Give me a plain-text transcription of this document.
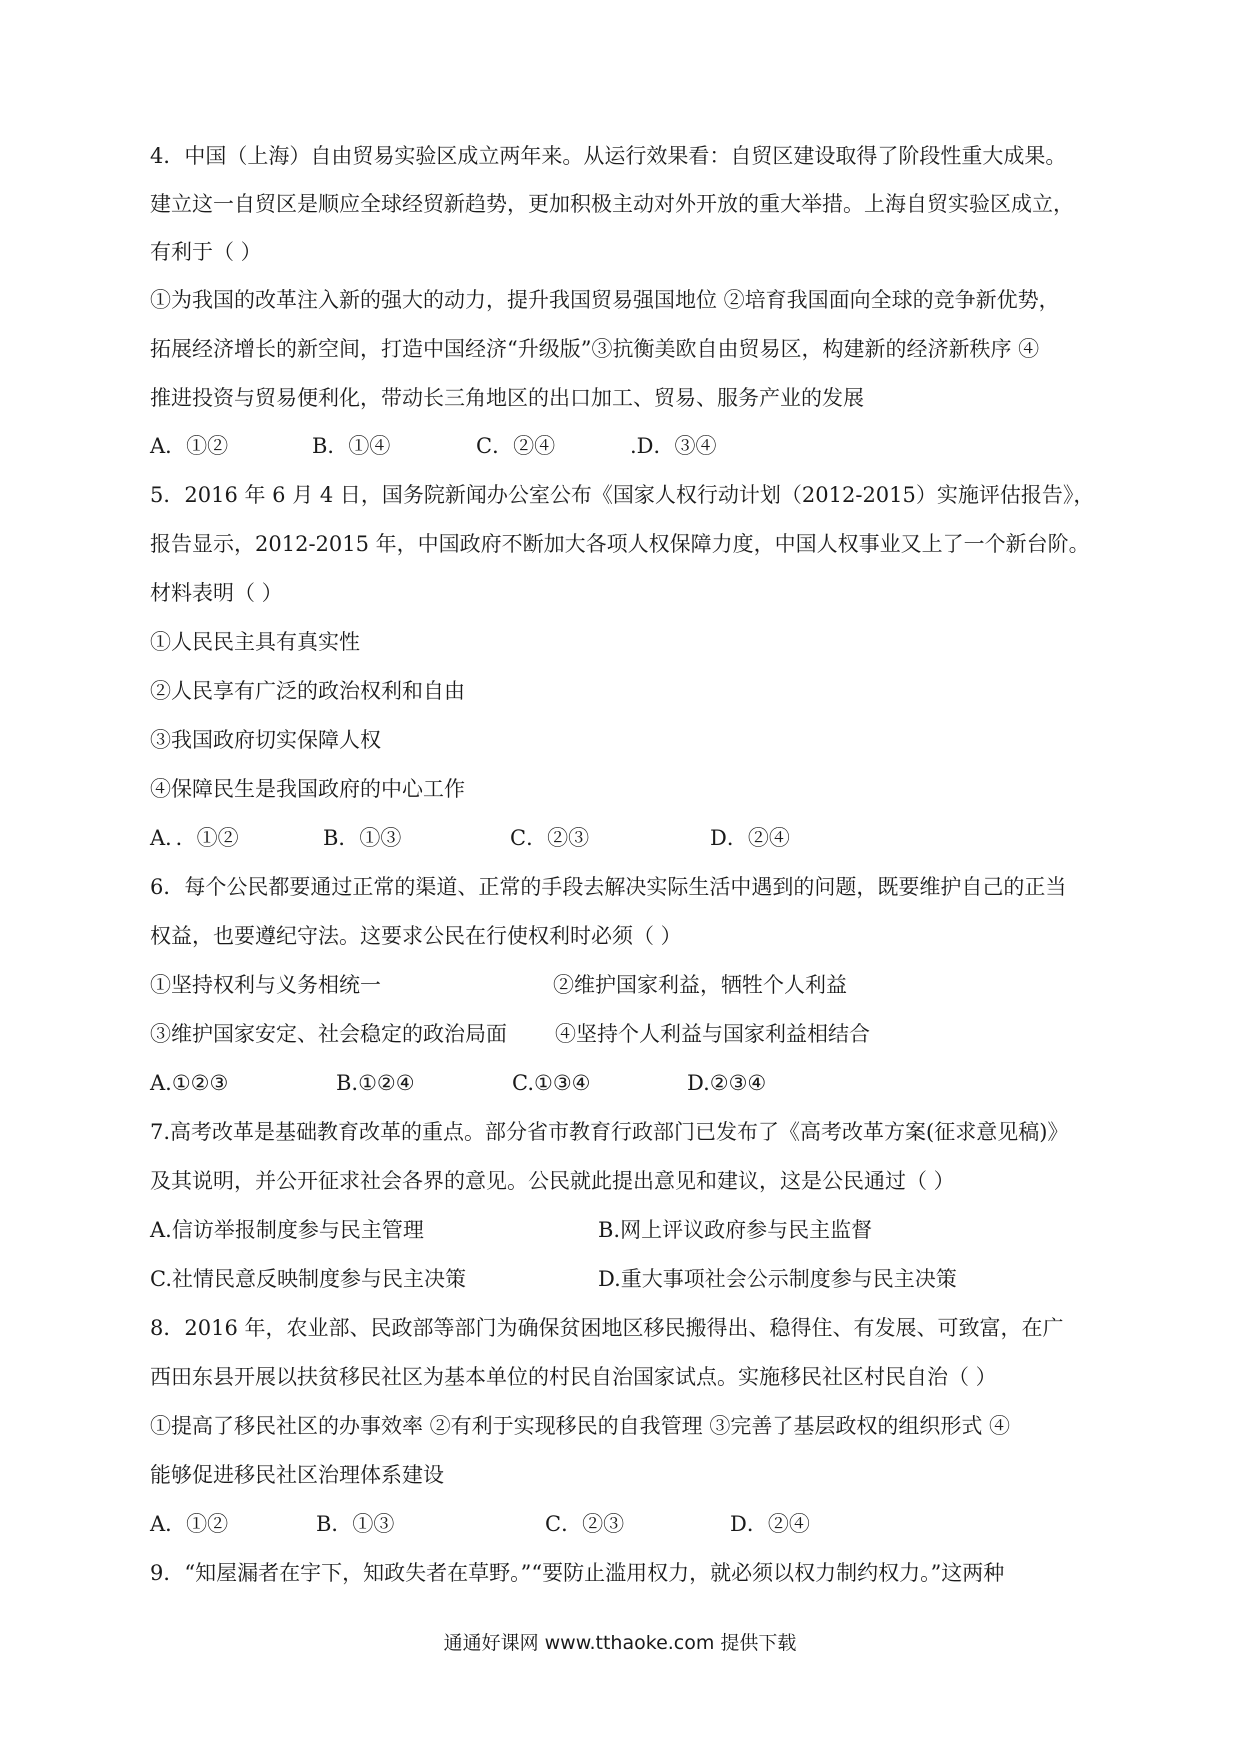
4．中国（上海）自由贸易实验区成立两年来。从运行效果看：自贸区建设取得了阶段性重大成果。
建立这一自贸区是顺应全球经贸新趋势，更加积极主动对外开放的重大举措。上海自贸实验区成立，
有利于（ ）
①为我国的改革注入新的强大的动力，提升我国贸易强国地位 ②培育我国面向全球的竞争新优势，
拓展经济增长的新空间，打造中国经济“升级版”③抗衡美欧自由贸易区，构建新的经济新秩序 ④
推进投资与贸易便利化，带动长三角地区的出口加工、贸易、服务产业的发展
A．①②	B．①④	C．②④	.D．③④
5．2016 年 6 月 4 日，国务院新闻办公室公布《国家人权行动计划（2012-2015）实施评估报告》，
报告显示，2012-2015 年，中国政府不断加大各项人权保障力度，中国人权事业又上了一个新台阶。
材料表明（ ）
①人民民主具有真实性
②人民享有广泛的政治权利和自由
③我国政府切实保障人权
④保障民生是我国政府的中心工作
A．．①②	B．①③	C．②③	D．②④
6．每个公民都要通过正常的渠道、正常的手段去解决实际生活中遇到的问题，既要维护自己的正当
权益，也要遵纪守法。这要求公民在行使权利时必须（ ）
①坚持权利与义务相统一	②维护国家利益，牺牲个人利益
③维护国家安定、社会稳定的政治局面 ④坚持个人利益与国家利益相结合
A.①②③	B.①②④	C.①③④	D.②③④
7.高考改革是基础教育改革的重点。部分省市教育行政部门已发布了《高考改革方案(征求意见稿)》
及其说明，并公开征求社会各界的意见。公民就此提出意见和建议，这是公民通过（ ）
A.信访举报制度参与民主管理	B.网上评议政府参与民主监督
C.社情民意反映制度参与民主决策	D.重大事项社会公示制度参与民主决策
8．2016 年，农业部、民政部等部门为确保贫困地区移民搬得出、稳得住、有发展、可致富，在广
西田东县开展以扶贫移民社区为基本单位的村民自治国家试点。实施移民社区村民自治（ ）
①提高了移民社区的办事效率 ②有利于实现移民的自我管理 ③完善了基层政权的组织形式 ④
能够促进移民社区治理体系建设
A．①②	B．①③	C．②③	D．②④
9．“知屋漏者在宇下，知政失者在草野。”“要防止滥用权力，就必须以权力制约权力。”这两种
通通好课网 www.tthaoke.com 提供下载
